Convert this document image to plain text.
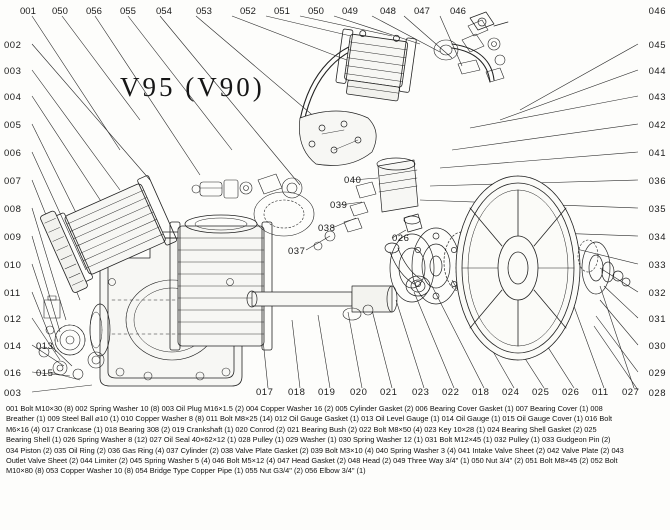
V95 (V90)
001 050 056 055 054	053	052 051 050 049 048 047 046
002
003
004
005
006
007
008
009
010
011
012
014 013
016 015
003
046
045
044
043
042
041
036
035
034
033
032
031
030
029
028
040
039
038
037
026
017 018 019 020 021 023 022 018 024 025 026 011 027
001 Bolt M10×30 (8) 002 Spring Washer 10 (8) 003 Oil Plug M16×1.5 (2) 004 Copper Washer 16 (2) 005 Cylinder Gasket (2) 006 Bearing Cover Gasket (1) 007 Bearing Cover (1) 008
Breather (1) 009 Steel Ball ⌀10 (1) 010 Copper Washer 8 (8) 011 Bolt M8×25 (14) 012 Oil Gauge Gasket (1) 013 Oil Level Gauge (1) 014 Oil Gauge (1) 015 Oil Gauge Cover (1) 016 Bolt
M6×16 (4) 017 Crankcase (1) 018 Bearing 308 (2) 019 Crankshaft (1) 020 Conrod (2) 021 Bearing Bush (2) 022 Bolt M8×50 (4) 023 Key 10×28 (1) 024 Bearing Shell Gasket (2) 025
Bearing Shell (1) 026 Spring Washer 8 (12) 027 Oil Seal 40×62×12 (1) 028 Pulley (1) 029 Washer (1) 030 Spring Washer 12 (1) 031 Bolt M12×45 (1) 032 Pulley (1) 033 Gudgeon Pin (2)
034 Piston (2) 035 Oil Ring (2) 036 Gas Ring (4) 037 Cylinder (2) 038 Valve Plate Gasket (2) 039 Bolt M3×10 (4) 040 Spring Washer 3 (4) 041 Intake Valve Sheet (2) 042 Valve Plate (2) 043
Outlet Valve Sheet (2) 044 Limiter (2) 045 Spring Washer 5 (4) 046 Bolt M5×12 (4) 047 Head Gasket (2) 048 Head (2) 049 Three Way 3/4" (1) 050 Nut 3/4" (2) 051 Bolt M8×45 (2) 052 Bolt
M10×80 (8) 053 Copper Washer 10 (8) 054 Bridge Type Copper Pipe (1) 055 Nut G3/4" (2) 056 Elbow 3/4" (1)
